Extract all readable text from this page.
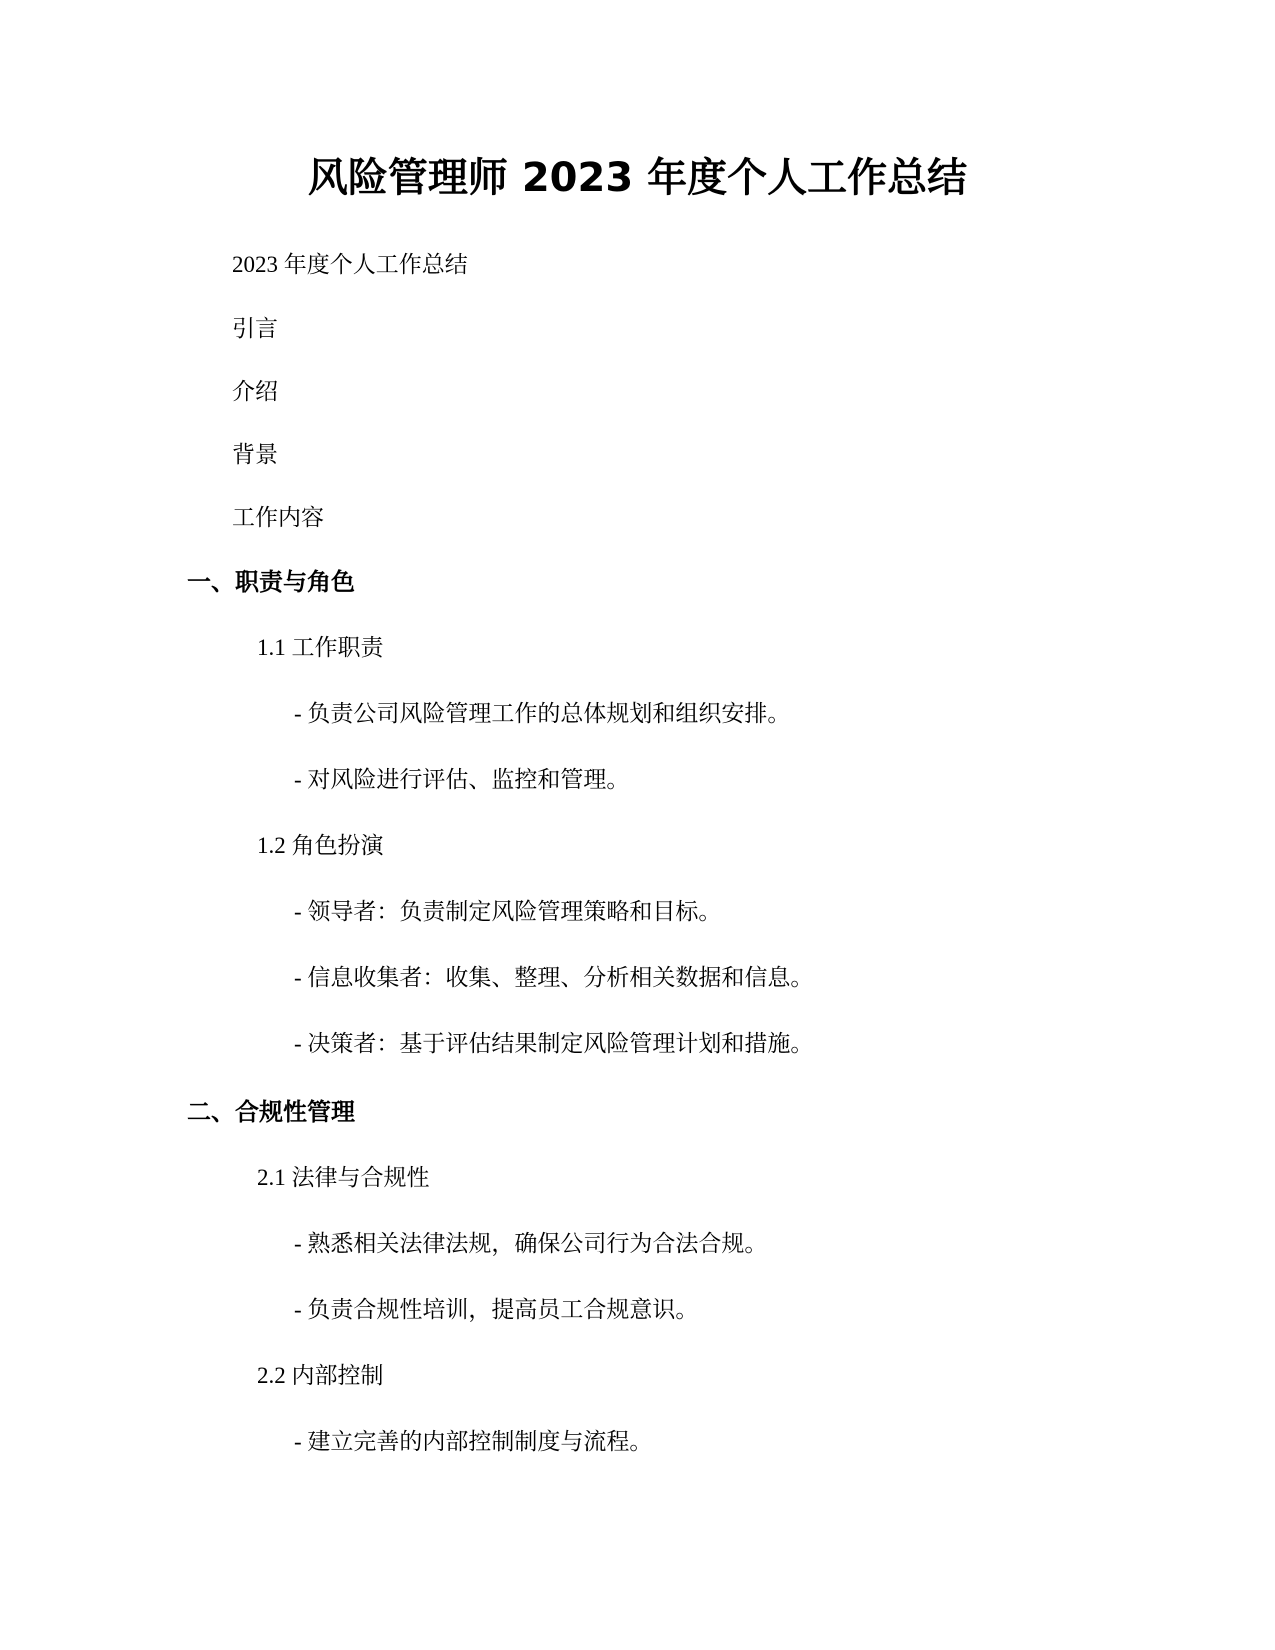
风险管理师 2023 年度个人工作总结

2023 年度个人工作总结

引言

介绍

背景

工作内容

一、职责与角色

1.1 工作职责

- 负责公司风险管理工作的总体规划和组织安排。

- 对风险进行评估、监控和管理。

1.2 角色扮演

- 领导者：负责制定风险管理策略和目标。

- 信息收集者：收集、整理、分析相关数据和信息。

- 决策者：基于评估结果制定风险管理计划和措施。

二、合规性管理

2.1 法律与合规性

- 熟悉相关法律法规，确保公司行为合法合规。

- 负责合规性培训，提高员工合规意识。

2.2 内部控制

- 建立完善的内部控制制度与流程。
